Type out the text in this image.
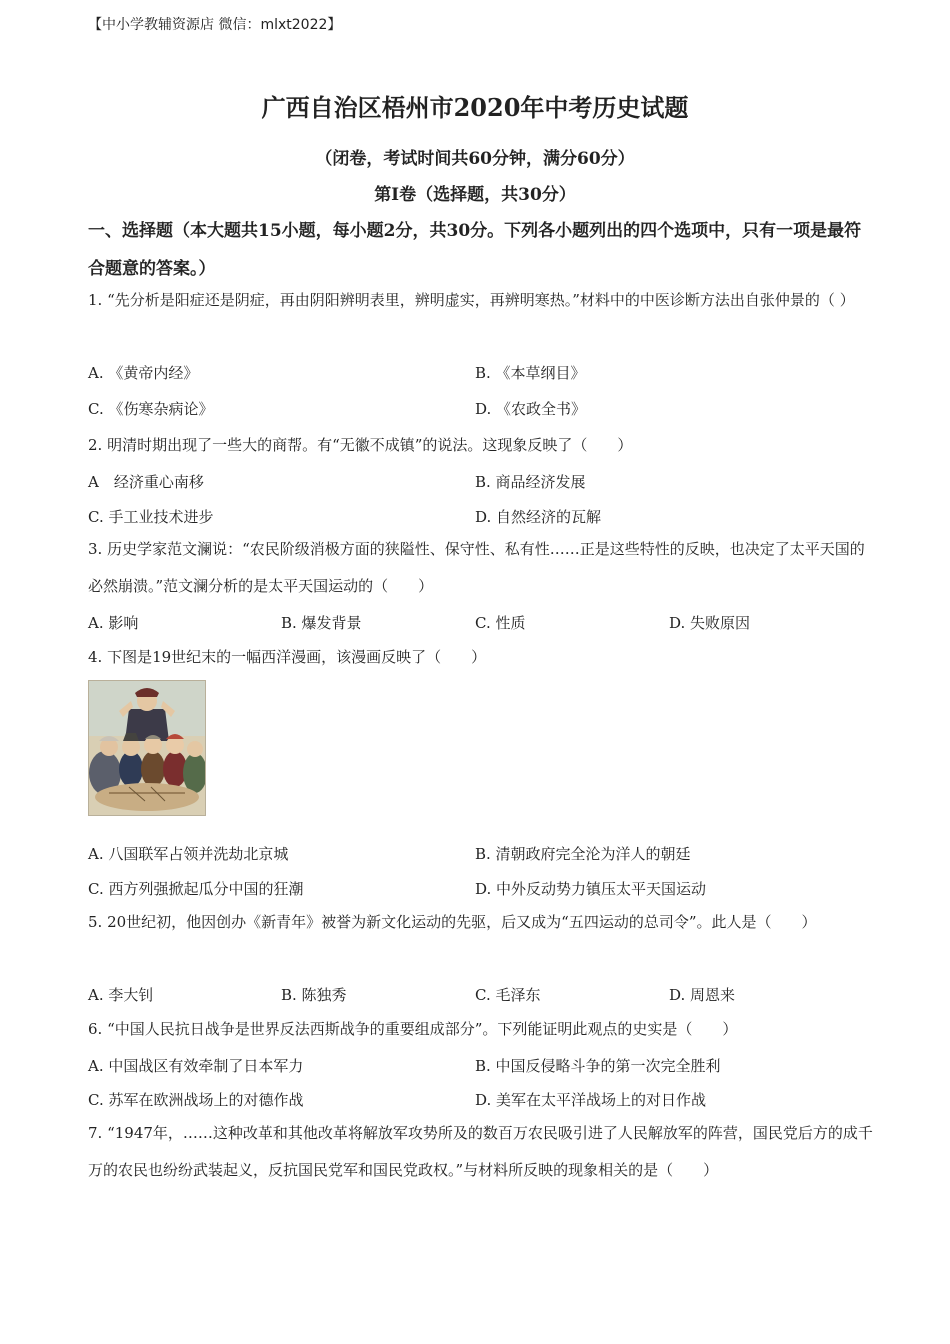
【中小学教辅资源店 微信：mlxt2022】
广西自治区梧州市2020年中考历史试题
（闭卷，考试时间共60分钟，满分60分）
第Ⅰ卷（选择题，共30分）
一、选择题（本大题共15小题，每小题2分，共30分。下列各小题列出的四个选项中，只有一项是最符合题意的答案。）
1. “先分析是阳症还是阴症，再由阴阳辨明表里，辨明虚实，再辨明寒热。”材料中的中医诊断方法出自张仲景的（ ）
A. 《黄帝内经》	B. 《本草纲目》
C. 《伤寒杂病论》	D. 《农政全书》
2. 明清时期出现了一些大的商帮。有“无徽不成镇”的说法。这现象反映了（　　）
A　经济重心南移	B. 商品经济发展
C. 手工业技术进步	D. 自然经济的瓦解
3. 历史学家范文澜说：“农民阶级消极方面的狭隘性、保守性、私有性……正是这些特性的反映，也决定了太平天国的必然崩溃。”范文澜分析的是太平天国运动的（　　）
A. 影响	B. 爆发背景	C. 性质	D. 失败原因
4. 下图是19世纪末的一幅西洋漫画，该漫画反映了（　　）
A. 八国联军占领并洗劫北京城	B. 清朝政府完全沦为洋人的朝廷
C. 西方列强掀起瓜分中国的狂潮	D. 中外反动势力镇压太平天国运动
5. 20世纪初，他因创办《新青年》被誉为新文化运动的先驱，后又成为“五四运动的总司令”。此人是（　　）
A. 李大钊	B. 陈独秀	C. 毛泽东	D. 周恩来
6. “中国人民抗日战争是世界反法西斯战争的重要组成部分”。下列能证明此观点的史实是（　　）
A. 中国战区有效牵制了日本军力	B. 中国反侵略斗争的第一次完全胜利
C. 苏军在欧洲战场上的对德作战	D. 美军在太平洋战场上的对日作战
7. “1947年，……这种改革和其他改革将解放军攻势所及的数百万农民吸引进了人民解放军的阵营，国民党后方的成千万的农民也纷纷武装起义，反抗国民党军和国民党政权。”与材料所反映的现象相关的是（　　）
